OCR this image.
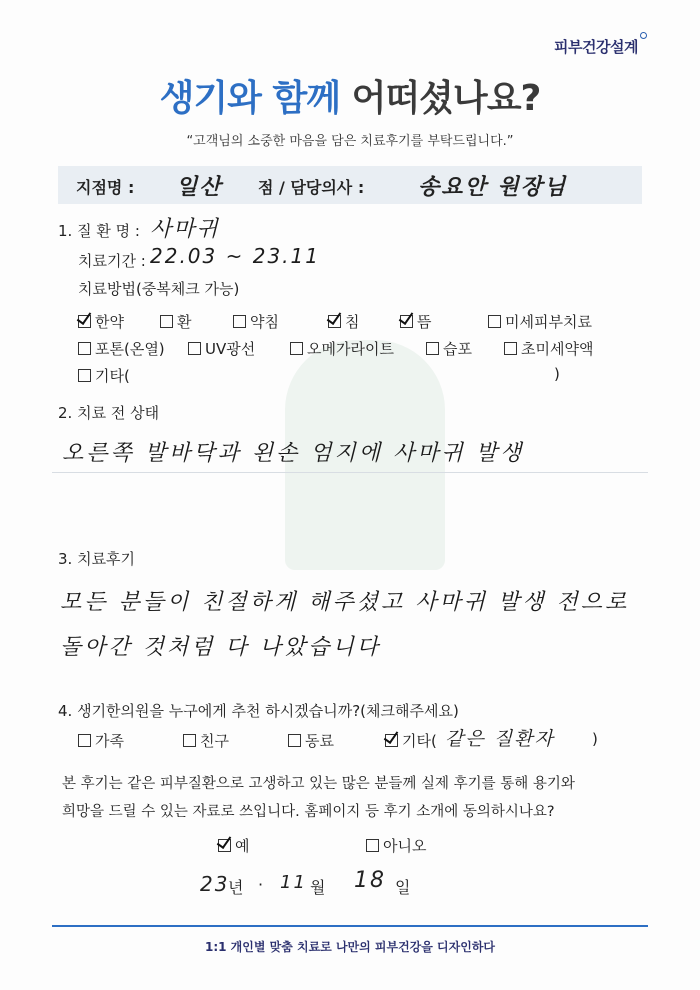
피부건강설계
생기와 함께 어떠셨나요?
“고객님의 소중한 마음을 담은 치료후기를 부탁드립니다.”
지점명 : 일산 점 / 담당의사 : 송요안 원장님
1. 질 환 명 : 사마귀
치료기간 : 22.03 ~ 23.11
치료방법(중복체크 가능)
한약	환	약침	침	뜸	미세피부치료
포톤(온열)	UV광선	오메가라이트	습포	초미세약액
기타(	)
2. 치료 전 상태
오른쪽 발바닥과 왼손 엄지에 사마귀 발생
3. 치료후기
모든 분들이 친절하게 해주셨고 사마귀 발생 전으로
돌아간 것처럼 다 나았습니다
4. 생기한의원을 누구에게 추천 하시겠습니까?(체크해주세요)
가족	친구	동료	기타( 같은 질환자 )
본 후기는 같은 피부질환으로 고생하고 있는 많은 분들께 실제 후기를 통해 용기와
희망을 드릴 수 있는 자료로 쓰입니다. 홈페이지 등 후기 소개에 동의하시나요?
예	아니오
23
년 · 11 월 18 일
1:1 개인별 맞춤 치료로 나만의 피부건강을 디자인하다
